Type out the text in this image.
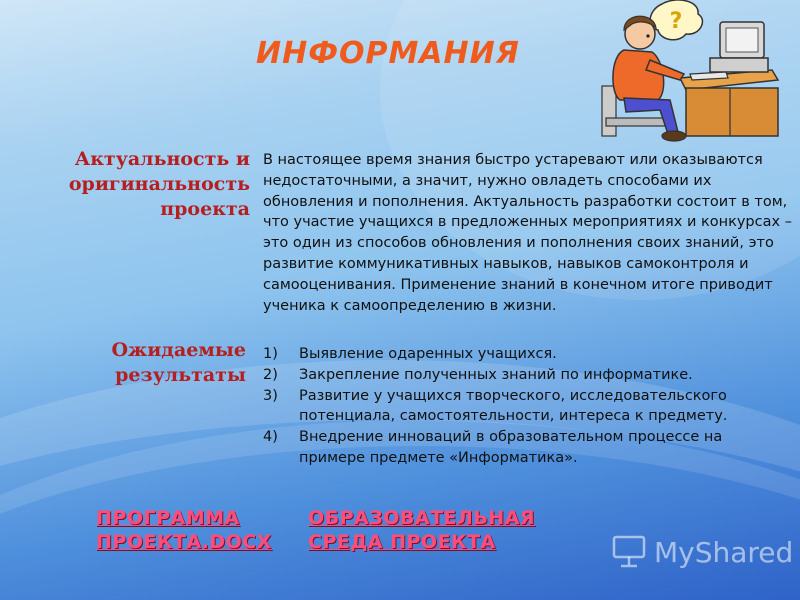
ИНФОРМАНИЯ
?
Актуальность и оригинальность проекта

В настоящее время знания быстро устаревают или оказываются недостаточными, а значит, нужно овладеть способами их обновления и пополнения. Актуальность разработки состоит в том, что участие учащихся в предложенных мероприятиях и конкурсах – это один из способов обновления и пополнения своих знаний, это развитие коммуникативных навыков, навыков самоконтроля и самооценивания. Применение знаний в конечном итоге приводит ученика к самоопределению в жизни.

Ожидаемые результаты
1)	Выявление одаренных учащихся.
2)	Закрепление полученных знаний по информатике.
3)	Развитие у учащихся творческого, исследовательского потенциала, самостоятельности, интереса к предмету.
4)	Внедрение инноваций в образовательном процессе на примере предмете «Информатика».
ПРОГРАММА ПРОЕКТА.DOCX
ОБРАЗОВАТЕЛЬНАЯ СРЕДА ПРОЕКТА	MyShared
